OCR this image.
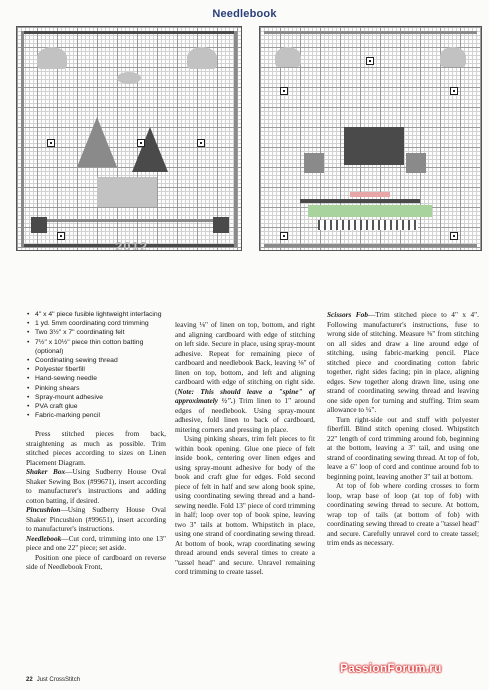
Needlebook
2012
• 4" x 4" piece fusible lightweight interfacing
• 1 yd. 5mm coordinating cord trimming
• Two 3½" x 7" coordinating felt
• 7½" x 10½" piece thin cotton batting (optional)
• Coordinating sewing thread
• Polyester fiberfill
• Hand-sewing needle
• Pinking shears
• Spray-mount adhesive
• PVA craft glue
• Fabric-marking pencil

Press stitched pieces from back, straightening as much as possible. Trim stitched pieces according to sizes on Linen Placement Diagram.

Shaker Box—Using Sudberry House Oval Shaker Sewing Box (#99671), insert according to manufacturer's instructions and adding cotton batting, if desired.

Pincushion—Using Sudberry House Oval Shaker Pincushion (#99651), insert according to manufacturer's instructions.

Needlebook—Cut cord, trimming into one 13" piece and one 22" piece; set aside.

Position one piece of cardboard on reverse side of Needlebook Front,

leaving ⅛" of linen on top, bottom, and right and aligning cardboard with edge of stitching on left side. Secure in place, using spray-mount adhesive. Repeat for remaining piece of cardboard and needlebook Back, leaving ⅛" of linen on top, bottom, and left and aligning cardboard with edge of stitching on right side. (Note: This should leave a "spine" of approximately ½".) Trim linen to 1" around edges of needlebook. Using spray-mount adhesive, fold linen to back of cardboard, mitering corners and pressing in place.

Using pinking shears, trim felt pieces to fit within book opening. Glue one piece of felt inside book, centering over linen edges and using spray-mount adhesive for body of the book and craft glue for edges. Fold second piece of felt in half and sew along book spine, using coordinating sewing thread and a hand-sewing needle. Fold 13" piece of cord trimming in half; loop over top of book spine, leaving two 3" tails at bottom. Whipstitch in place, using one strand of coordinating sewing thread. At bottom of book, wrap coordinating sewing thread around ends several times to create a "tassel head" and secure. Unravel remaining cord trimming to create tassel.

Scissors Fob—Trim stitched piece to 4" x 4". Following manufacturer's instructions, fuse to wrong side of stitching. Measure ⅜" from stitching on all sides and draw a line around edge of stitching, using fabric-marking pencil. Place stitched piece and coordinating cotton fabric together, right sides facing; pin in place, aligning edges. Sew together along drawn line, using one strand of coordinating sewing thread and leaving one side open for turning and stuffing. Trim seam allowance to ¼".

Turn right-side out and stuff with polyester fiberfill. Blind stitch opening closed. Whipstitch 22" length of cord trimming around fob, beginning at the bottom, leaving a 3" tail, and using one strand of coordinating sewing thread. At top of fob, leave a 6" loop of cord and continue around fob to beginning point, leaving another 3" tail at bottom.

At top of fob where cording crosses to form loop, wrap base of loop (at top of fob) with coordinating sewing thread to secure. At bottom, wrap top of tails (at bottom of fob) with coordinating sewing thread to create a "tassel head" and secure. Carefully unravel cord to create tassel; trim ends as necessary.

22 Just CrossStitch
PassionForum.ru
